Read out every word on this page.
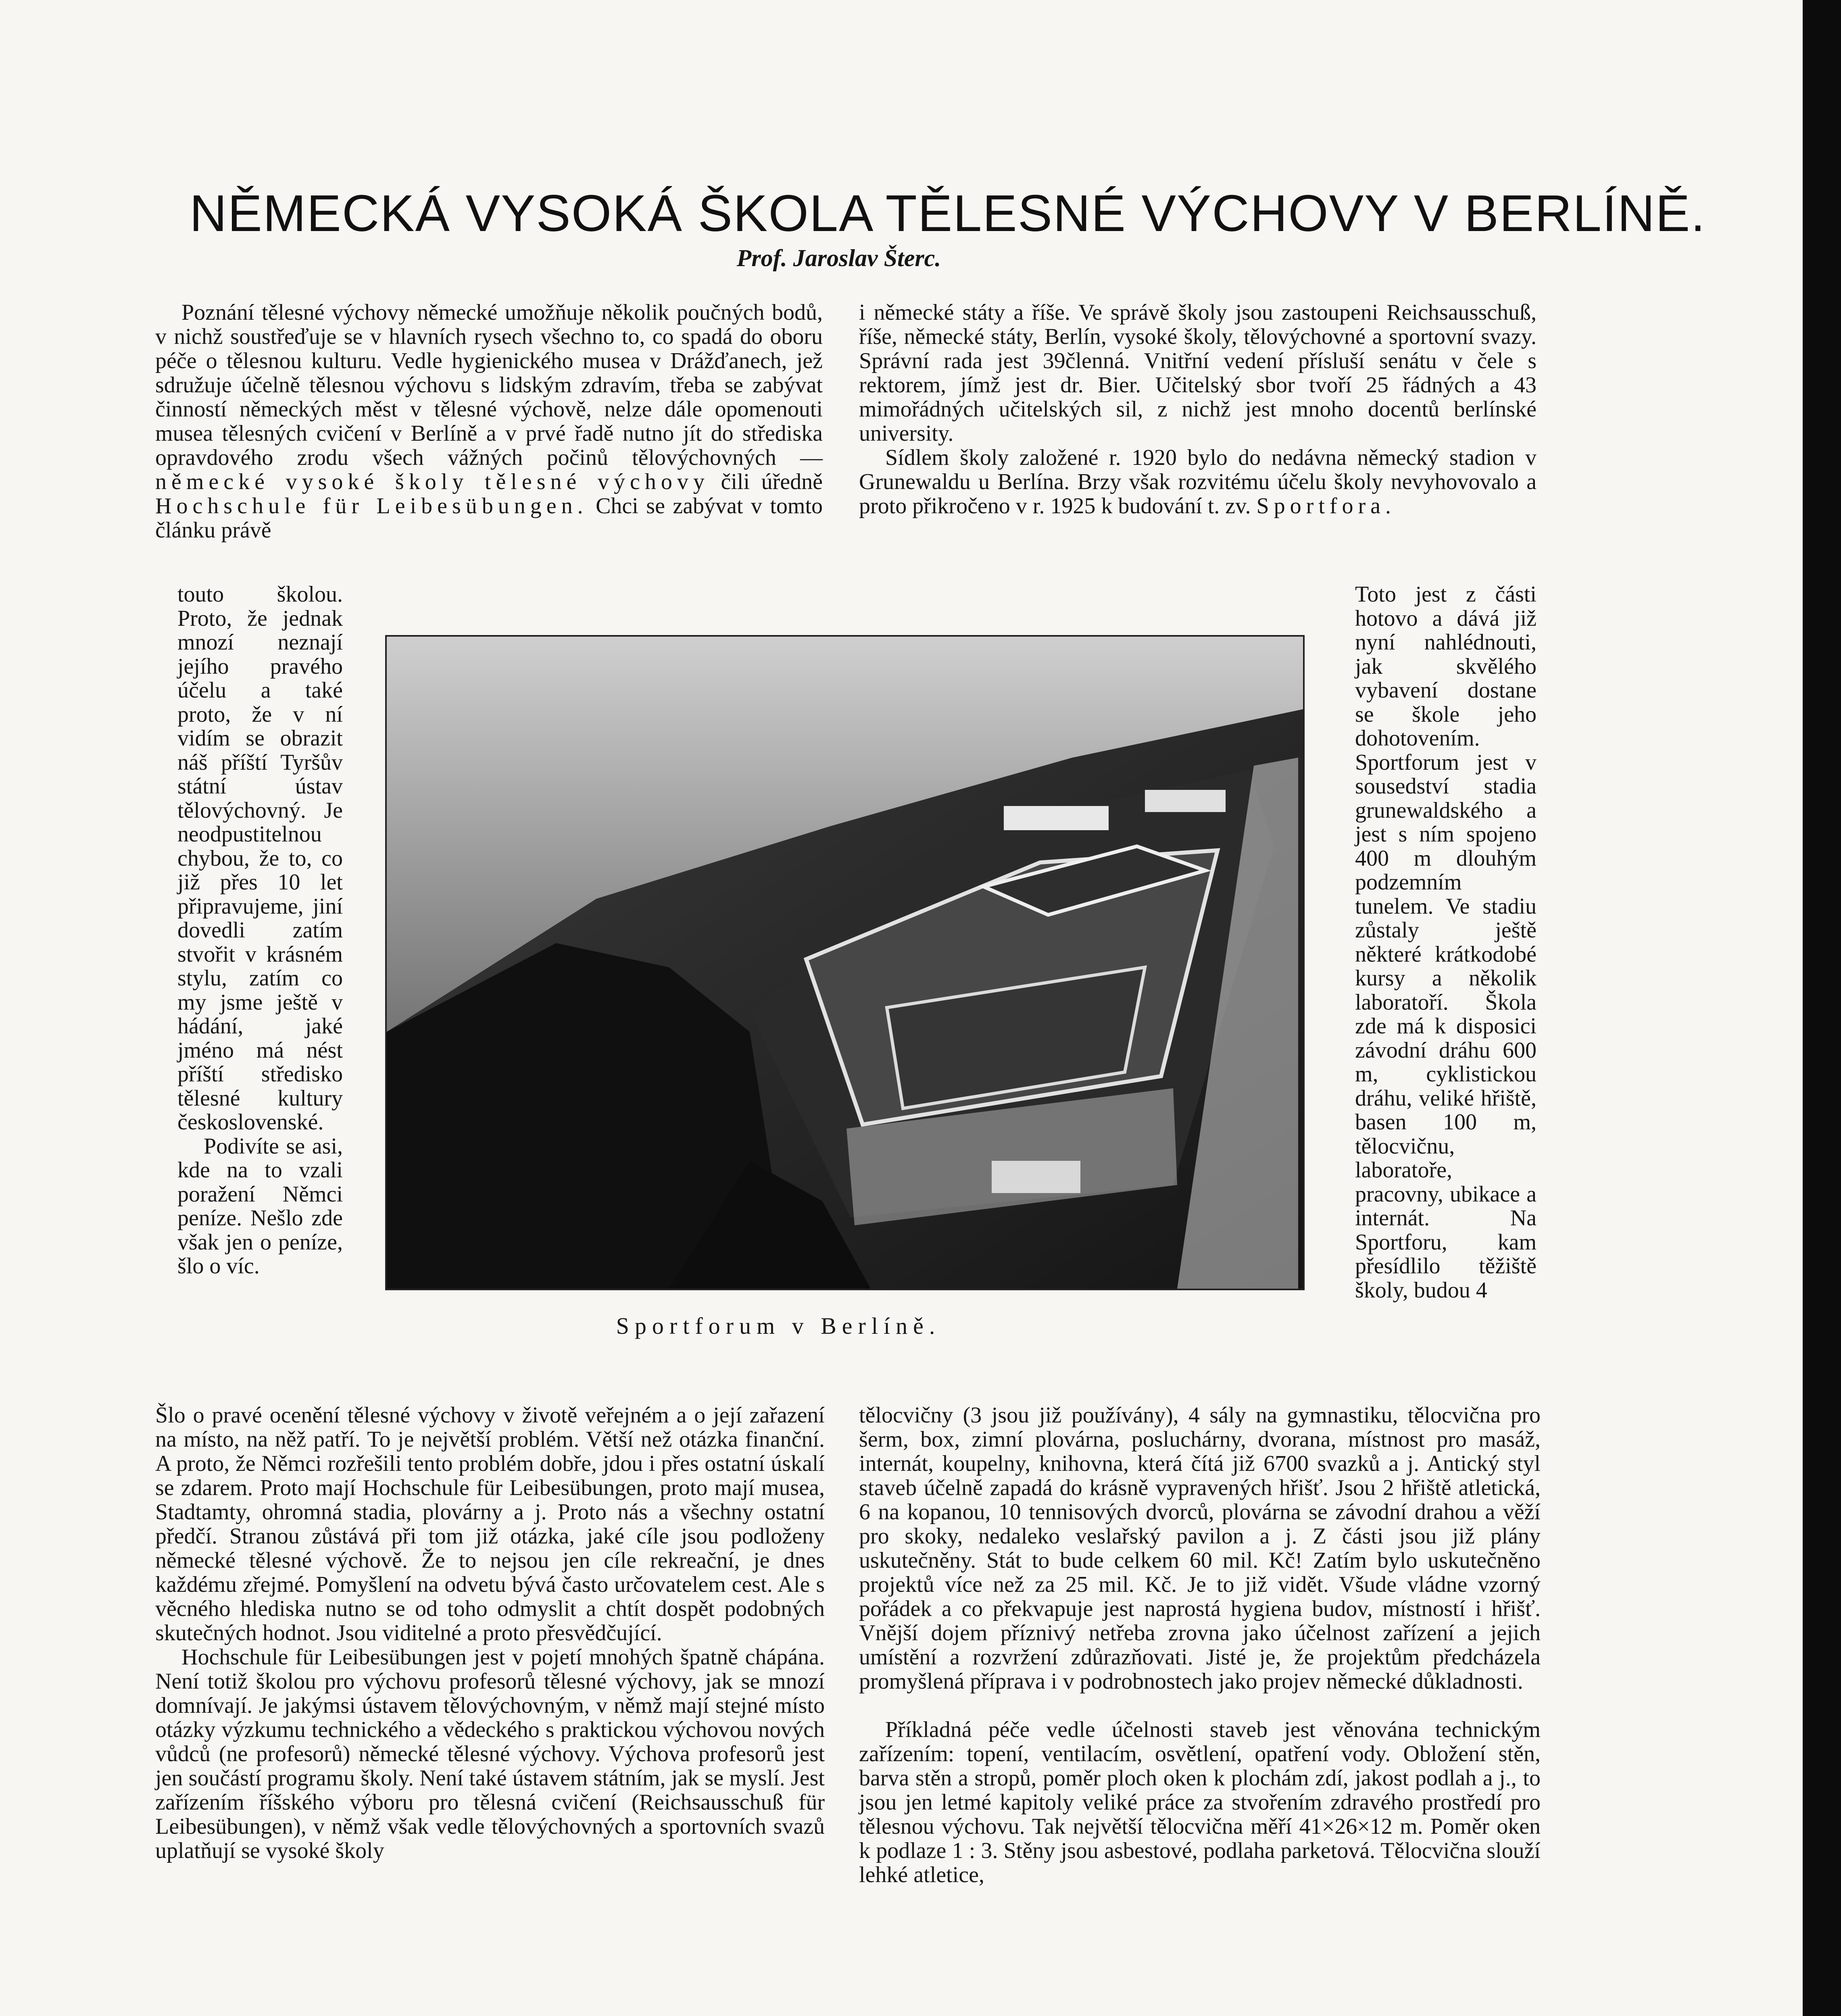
NĚMECKÁ VYSOKÁ ŠKOLA TĚLESNÉ VÝCHOVY V BERLÍNĚ.
Prof. Jaroslav Šterc.

Poznání tělesné výchovy německé umožňuje několik poučných bodů, v nichž soustřeďuje se v hlavních rysech všechno to, co spadá do oboru péče o tělesnou kulturu. Vedle hygienického musea v Drážďanech, jež sdružuje účelně tělesnou výchovu s lidským zdravím, třeba se zabývat činností německých měst v tělesné výchově, nelze dále opomenouti musea tělesných cvičení v Berlíně a v prvé řadě nutno jít do střediska opravdového zrodu všech vážných počinů tělovýchovných — německé vysoké školy tělesné výchovy čili úředně Hochschule für Leibesübungen. Chci se zabývat v tomto článku právě

touto školou. Proto, že jednak mnozí neznají jejího pravého účelu a také proto, že v ní vidím se obrazit náš příští Tyršův státní ústav tělovýchovný. Je neodpustitelnou chybou, že to, co již přes 10 let připravujeme, jiní dovedli zatím stvořit v krásném stylu, zatím co my jsme ještě v hádání, jaké jméno má nést příští středisko tělesné kultury československé.

Podivíte se asi, kde na to vzali poražení Němci peníze. Nešlo zde však jen o peníze, šlo o víc.

i německé státy a říše. Ve správě školy jsou zastoupeni Reichsausschuß, říše, německé státy, Berlín, vysoké školy, tělovýchovné a sportovní svazy. Správní rada jest 39členná. Vnitřní vedení přísluší senátu v čele s rektorem, jímž jest dr. Bier. Učitelský sbor tvoří 25 řádných a 43 mimořádných učitelských sil, z nichž jest mnoho docentů berlínské university.

Sídlem školy založené r. 1920 bylo do nedávna německý stadion v Grunewaldu u Berlína. Brzy však rozvitému účelu školy nevyhovovalo a proto přikročeno v r. 1925 k budování t. zv. Sportfora.

Toto jest z části hotovo a dává již nyní nahlédnouti, jak skvělého vybavení dostane se škole jeho dohotovením. Sportforum jest v sousedství stadia grunewaldského a jest s ním spojeno 400 m dlouhým podzemním tunelem. Ve stadiu zůstaly ještě některé krátkodobé kursy a několik laboratoří. Škola zde má k disposici závodní dráhu 600 m, cyklistickou dráhu, veliké hřiště, basen 100 m, tělocvičnu, laboratoře, pracovny, ubikace a internát. Na Sportforu, kam přesídlilo těžiště školy, budou 4

Sportforum v Berlíně.

Šlo o pravé ocenění tělesné výchovy v životě veřejném a o její zařazení na místo, na něž patří. To je největší problém. Větší než otázka finanční. A proto, že Němci rozřešili tento problém dobře, jdou i přes ostatní úskalí se zdarem. Proto mají Hochschule für Leibesübungen, proto mají musea, Stadtamty, ohromná stadia, plovárny a j. Proto nás a všechny ostatní předčí. Stranou zůstává při tom již otázka, jaké cíle jsou podloženy německé tělesné výchově. Že to nejsou jen cíle rekreační, je dnes každému zřejmé. Pomyšlení na odvetu bývá často určovatelem cest. Ale s věcného hlediska nutno se od toho odmyslit a chtít dospět podobných skutečných hodnot. Jsou viditelné a proto přesvědčující.

Hochschule für Leibesübungen jest v pojetí mnohých špatně chápána. Není totiž školou pro výchovu profesorů tělesné výchovy, jak se mnozí domnívají. Je jakýmsi ústavem tělovýchovným, v němž mají stejné místo otázky výzkumu technického a vědeckého s praktickou výchovou nových vůdců (ne profesorů) německé tělesné výchovy. Výchova profesorů jest jen součástí programu školy. Není také ústavem státním, jak se myslí. Jest zařízením říšského výboru pro tělesná cvičení (Reichsausschuß für Leibesübungen), v němž však vedle tělovýchovných a sportovních svazů uplatňují se vysoké školy

tělocvičny (3 jsou již používány), 4 sály na gymnastiku, tělocvična pro šerm, box, zimní plovárna, posluchárny, dvorana, místnost pro masáž, internát, koupelny, knihovna, která čítá již 6700 svazků a j. Antický styl staveb účelně zapadá do krásně vypravených hřišť. Jsou 2 hřiště atletická, 6 na kopanou, 10 tennisových dvorců, plovárna se závodní drahou a věží pro skoky, nedaleko veslařský pavilon a j. Z části jsou již plány uskutečněny. Stát to bude celkem 60 mil. Kč! Zatím bylo uskutečněno projektů více než za 25 mil. Kč. Je to již vidět. Všude vládne vzorný pořádek a co překvapuje jest naprostá hygiena budov, místností i hřišť. Vnější dojem příznivý netřeba zrovna jako účelnost zařízení a jejich umístění a rozvržení zdůrazňovati. Jisté je, že projektům předcházela promyšlená příprava i v podrobnostech jako projev německé důkladnosti.

Příkladná péče vedle účelnosti staveb jest věnována technickým zařízením: topení, ventilacím, osvětlení, opatření vody. Obložení stěn, barva stěn a stropů, poměr ploch oken k plochám zdí, jakost podlah a j., to jsou jen letmé kapitoly veliké práce za stvořením zdravého prostředí pro tělesnou výchovu. Tak největší tělocvična měří 41×26×12 m. Poměr oken k podlaze 1 : 3. Stěny jsou asbestové, podlaha parketová. Tělocvična slouží lehké atletice,
